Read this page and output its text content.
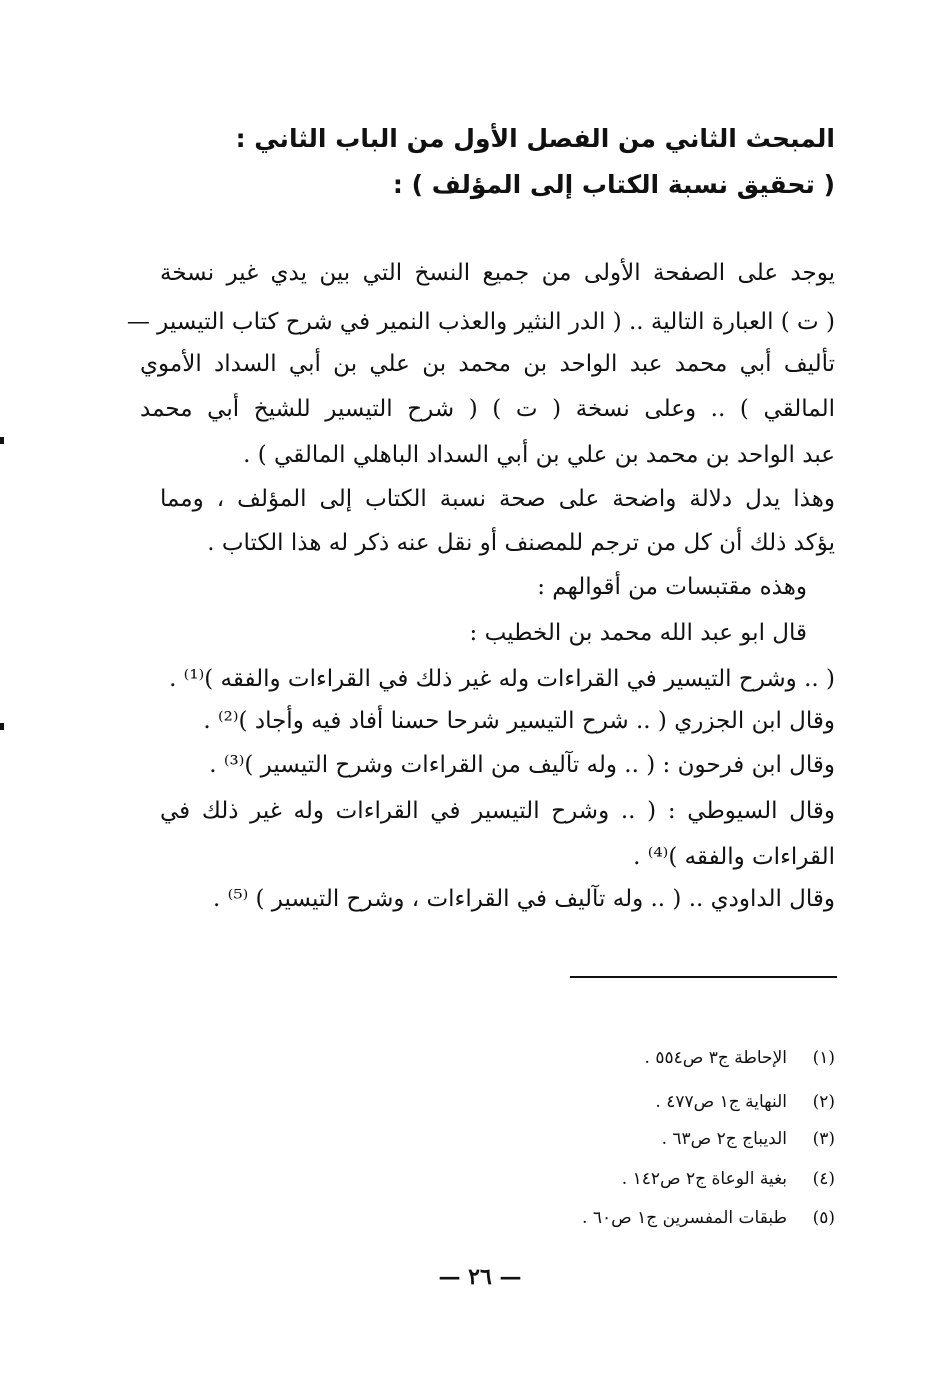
المبحث الثاني من الفصل الأول من الباب الثاني :
( تحقيق نسبة الكتاب إلى المؤلف ) :
يوجد على الصفحة الأولى من جميع النسخ التي بين يدي غير نسخة
( ت ) العبارة التالية .. ( الدر النثير والعذب النمير في شرح كتاب التيسير —
تأليف أبي محمد عبد الواحد بن محمد بن علي بن أبي السداد الأموي
المالقي ) .. وعلى نسخة ( ت ) ( شرح التيسير للشيخ أبي محمد
عبد الواحد بن محمد بن علي بن أبي السداد الباهلي المالقي ) .
وهذا يدل دلالة واضحة على صحة نسبة الكتاب إلى المؤلف ، ومما
يؤكد ذلك أن كل من ترجم للمصنف أو نقل عنه ذكر له هذا الكتاب .
وهذه مقتبسات من أقوالهم :
قال ابو عبد الله محمد بن الخطيب :
( .. وشرح التيسير في القراءات وله غير ذلك في القراءات والفقه )⁽¹⁾ .
وقال ابن الجزري ( .. شرح التيسير شرحا حسنا أفاد فيه وأجاد )⁽²⁾ .
وقال ابن فرحون : ( .. وله تآليف من القراءات وشرح التيسير )⁽³⁾ .
وقال السيوطي : ( .. وشرح التيسير في القراءات وله غير ذلك في
القراءات والفقه )⁽⁴⁾ .
وقال الداودي .. ( .. وله تآليف في القراءات ، وشرح التيسير ) ⁽⁵⁾ .
(١)الإحاطة ج٣ ص٥٥٤ .
(٢)النهاية ج١ ص٤٧٧ .
(٣)الديباج ج٢ ص٦٣ .
(٤)بغية الوعاة ج٢ ص١٤٢ .
(٥)طبقات المفسرين ج١ ص٦٠ .
— ٢٦ —
